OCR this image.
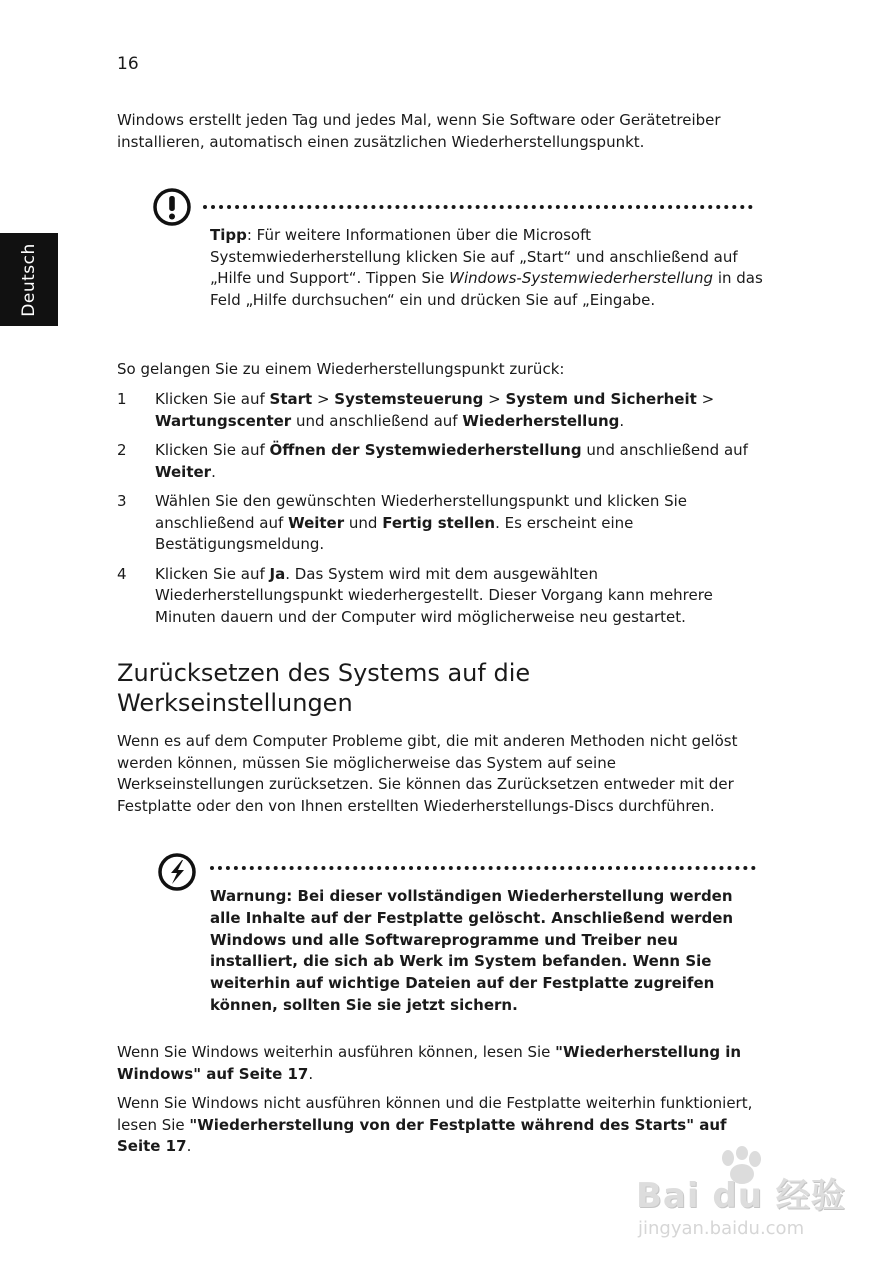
16
Deutsch

Windows erstellt jeden Tag und jedes Mal, wenn Sie Software oder Gerätetreiber installieren, automatisch einen zusätzlichen Wiederherstellungspunkt.

Tipp: Für weitere Informationen über die Microsoft Systemwiederherstellung klicken Sie auf „Start“ und anschließend auf „Hilfe und Support“. Tippen Sie Windows-Systemwiederherstellung in das Feld „Hilfe durchsuchen“ ein und drücken Sie auf „Eingabe.

So gelangen Sie zu einem Wiederherstellungspunkt zurück:

1 Klicken Sie auf Start > Systemsteuerung > System und Sicherheit > Wartungscenter und anschließend auf Wiederherstellung.
2 Klicken Sie auf Öffnen der Systemwiederherstellung und anschließend auf Weiter.
3 Wählen Sie den gewünschten Wiederherstellungspunkt und klicken Sie anschließend auf Weiter und Fertig stellen. Es erscheint eine Bestätigungsmeldung.
4 Klicken Sie auf Ja. Das System wird mit dem ausgewählten Wiederherstellungspunkt wiederhergestellt. Dieser Vorgang kann mehrere Minuten dauern und der Computer wird möglicherweise neu gestartet.
Zurücksetzen des Systems auf die Werkseinstellungen

Wenn es auf dem Computer Probleme gibt, die mit anderen Methoden nicht gelöst werden können, müssen Sie möglicherweise das System auf seine Werkseinstellungen zurücksetzen. Sie können das Zurücksetzen entweder mit der Festplatte oder den von Ihnen erstellten Wiederherstellungs-Discs durchführen.

Warnung: Bei dieser vollständigen Wiederherstellung werden alle Inhalte auf der Festplatte gelöscht. Anschließend werden Windows und alle Softwareprogramme und Treiber neu installiert, die sich ab Werk im System befanden. Wenn Sie weiterhin auf wichtige Dateien auf der Festplatte zugreifen können, sollten Sie sie jetzt sichern.

Wenn Sie Windows weiterhin ausführen können, lesen Sie "Wiederherstellung in Windows" auf Seite 17.

Wenn Sie Windows nicht ausführen können und die Festplatte weiterhin funktioniert, lesen Sie "Wiederherstellung von der Festplatte während des Starts" auf Seite 17.

Bai du 经验
jingyan.baidu.com
